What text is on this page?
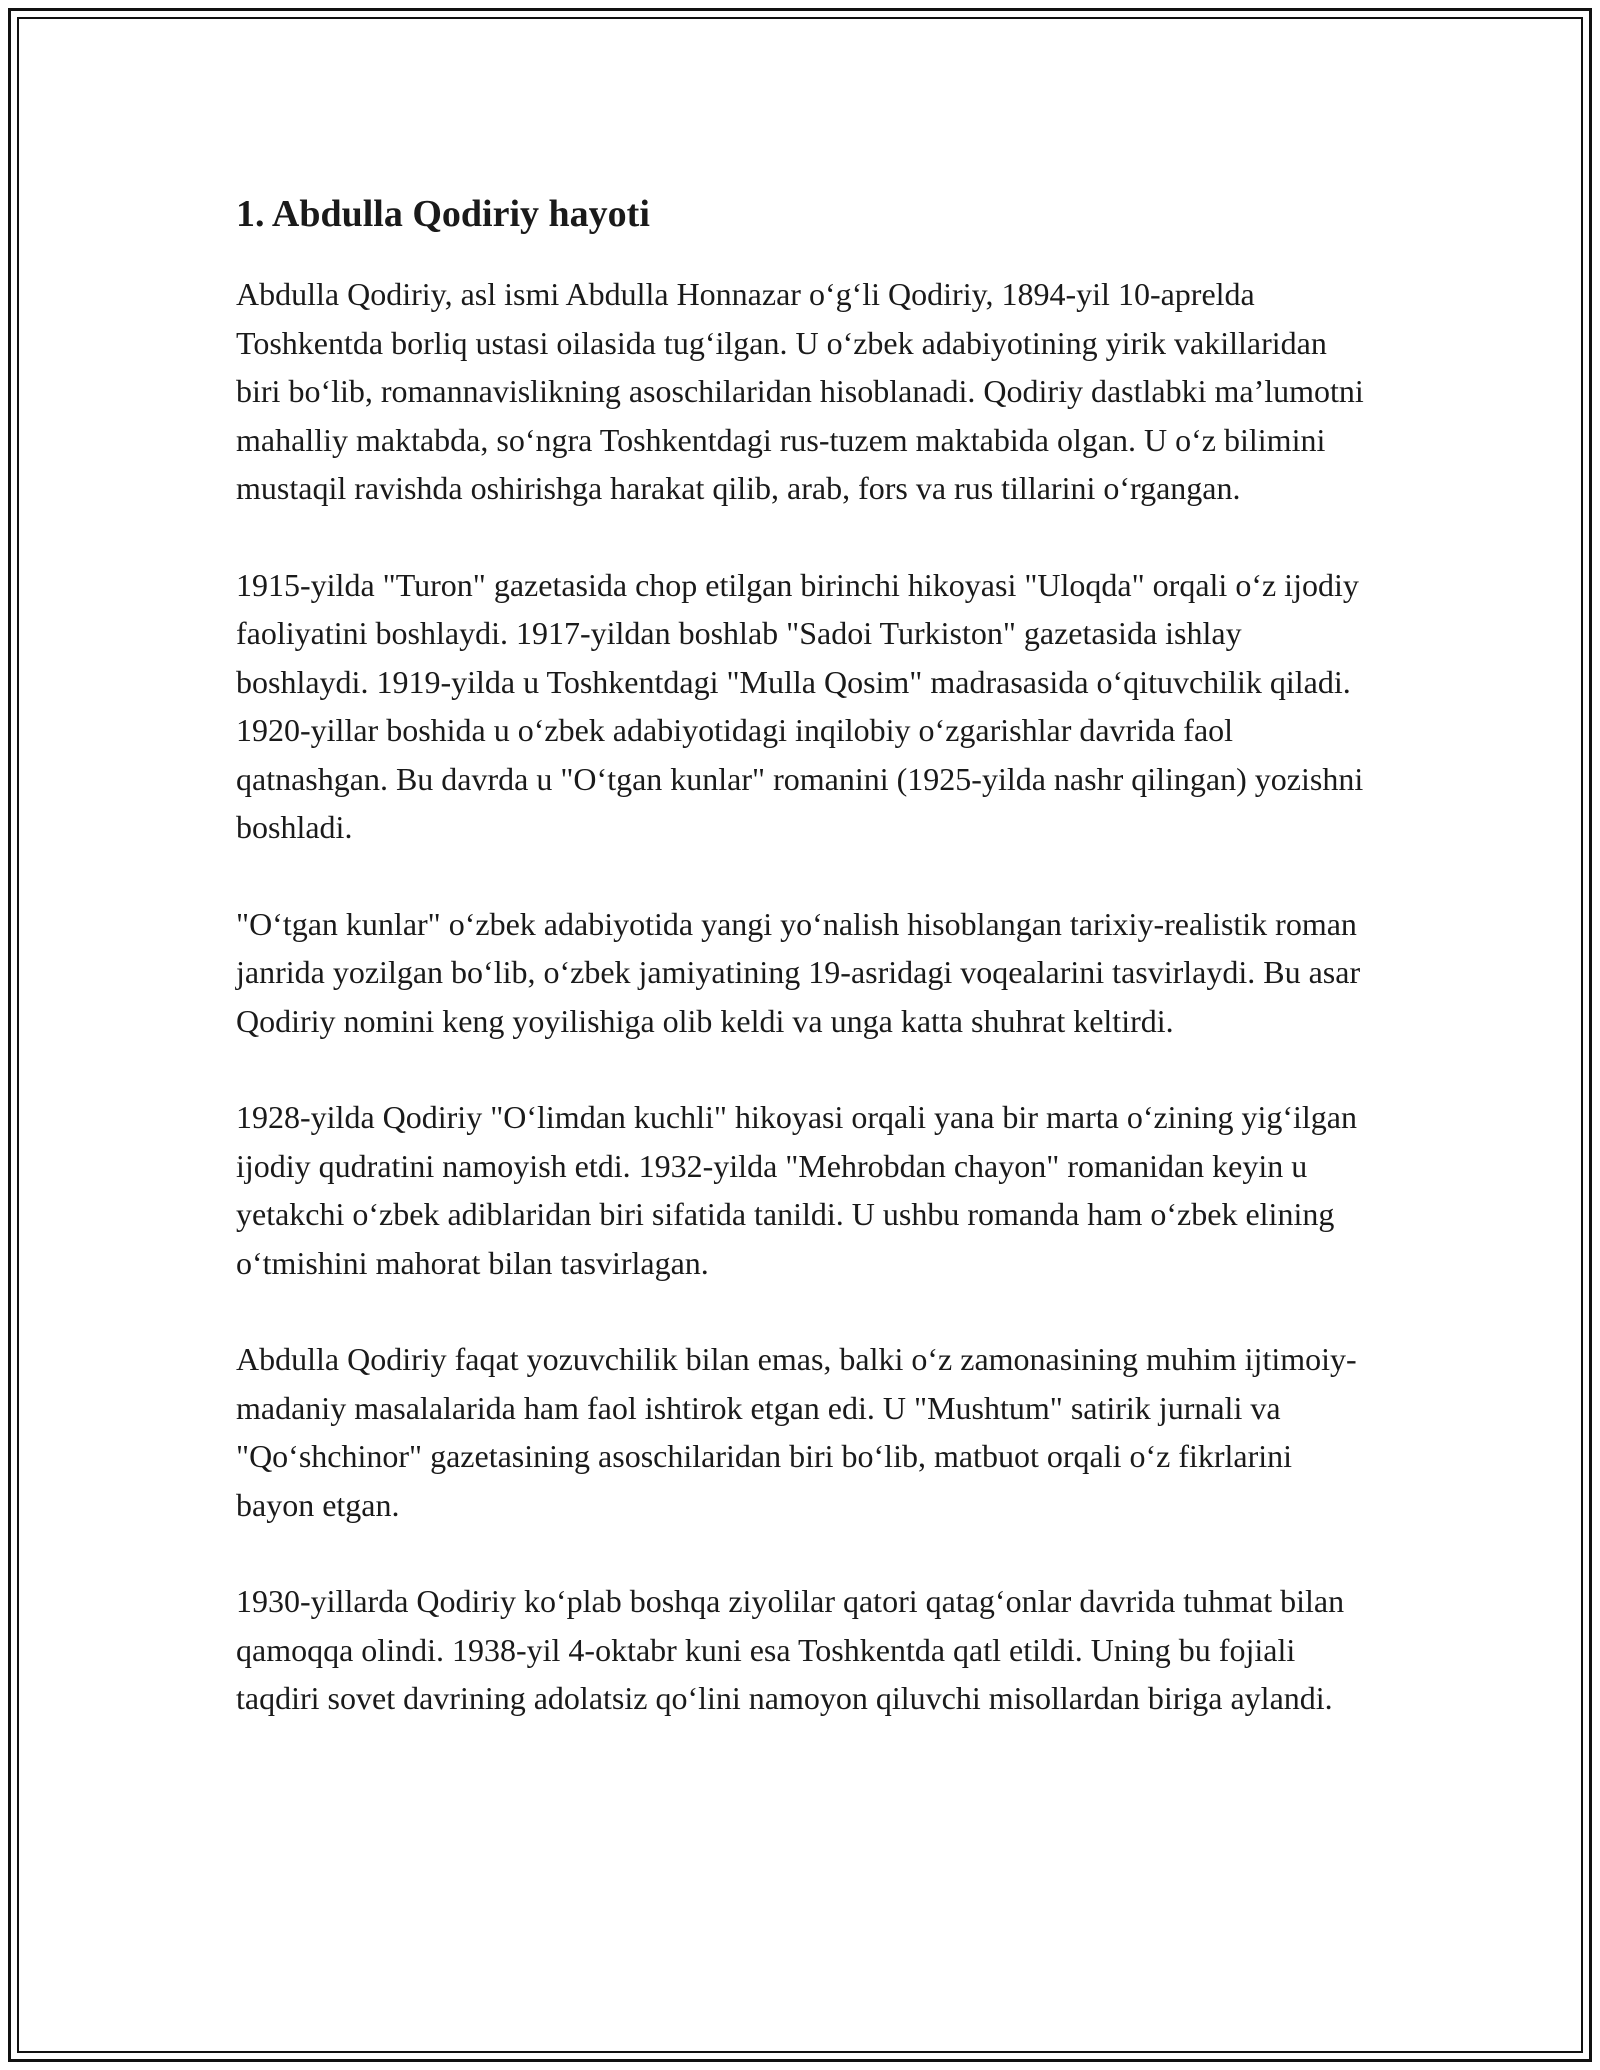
1. Abdulla Qodiriy hayoti

Abdulla Qodiriy, asl ismi Abdulla Honnazar o‘g‘li Qodiriy, 1894-yil 10-aprelda Toshkentda borliq ustasi oilasida tug‘ilgan. U o‘zbek adabiyotining yirik vakillaridan biri bo‘lib, romannavislikning asoschilaridan hisoblanadi. Qodiriy dastlabki ma’lumotni mahalliy maktabda, so‘ngra Toshkentdagi rus-tuzem maktabida olgan. U o‘z bilimini mustaqil ravishda oshirishga harakat qilib, arab, fors va rus tillarini o‘rgangan.

1915-yilda "Turon" gazetasida chop etilgan birinchi hikoyasi "Uloqda" orqali o‘z ijodiy faoliyatini boshlaydi. 1917-yildan boshlab "Sadoi Turkiston" gazetasida ishlay boshlaydi. 1919-yilda u Toshkentdagi "Mulla Qosim" madrasasida o‘qituvchilik qiladi. 1920-yillar boshida u o‘zbek adabiyotidagi inqilobiy o‘zgarishlar davrida faol qatnashgan. Bu davrda u "O‘tgan kunlar" romanini (1925-yilda nashr qilingan) yozishni boshladi.

"O‘tgan kunlar" o‘zbek adabiyotida yangi yo‘nalish hisoblangan tarixiy-realistik roman janrida yozilgan bo‘lib, o‘zbek jamiyatining 19-asridagi voqealarini tasvirlaydi. Bu asar Qodiriy nomini keng yoyilishiga olib keldi va unga katta shuhrat keltirdi.

1928-yilda Qodiriy "O‘limdan kuchli" hikoyasi orqali yana bir marta o‘zining yig‘ilgan ijodiy qudratini namoyish etdi. 1932-yilda "Mehrobdan chayon" romanidan keyin u yetakchi o‘zbek adiblaridan biri sifatida tanildi. U ushbu romanda ham o‘zbek elining o‘tmishini mahorat bilan tasvirlagan.

Abdulla Qodiriy faqat yozuvchilik bilan emas, balki o‘z zamonasining muhim ijtimoiy-madaniy masalalarida ham faol ishtirok etgan edi. U "Mushtum" satirik jurnali va "Qo‘shchinor" gazetasining asoschilaridan biri bo‘lib, matbuot orqali o‘z fikrlarini bayon etgan.

1930-yillarda Qodiriy ko‘plab boshqa ziyolilar qatori qatag‘onlar davrida tuhmat bilan qamoqqa olindi. 1938-yil 4-oktabr kuni esa Toshkentda qatl etildi. Uning bu fojiali taqdiri sovet davrining adolatsiz qo‘lini namoyon qiluvchi misollardan biriga aylandi.
